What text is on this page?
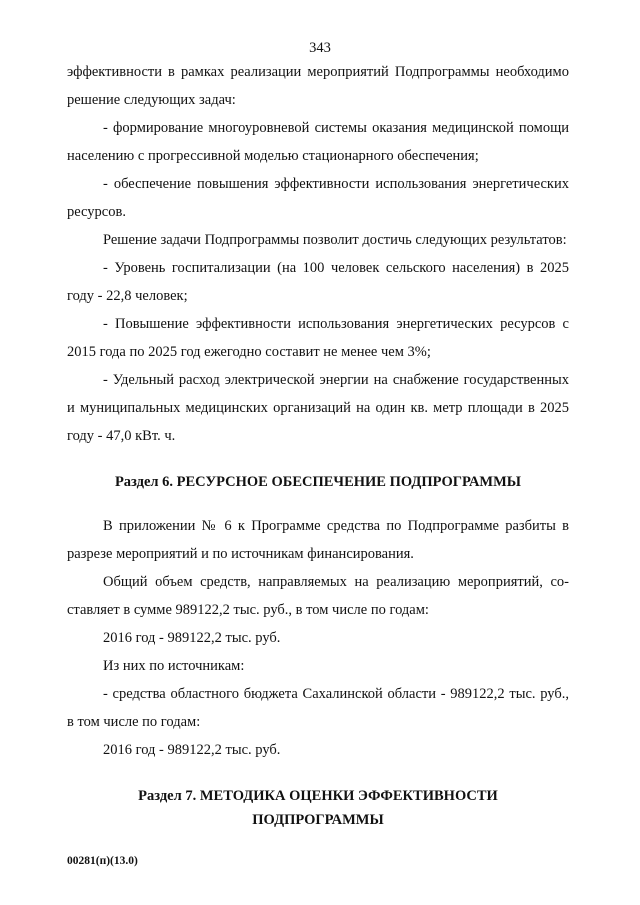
343

эффективности в рамках реализации мероприятий Подпрограммы необходимо решение следующих задач:

- формирование многоуровневой системы оказания медицинской помощи населению с прогрессивной моделью стационарного обеспечения;

- обеспечение повышения эффективности использования энергетических ресурсов.

Решение задачи Подпрограммы позволит достичь следующих результатов:

- Уровень госпитализации (на 100 человек сельского населения) в 2025 году - 22,8 человек;

- Повышение эффективности использования энергетических ресурсов с 2015 года по 2025 год ежегодно составит не менее чем 3%;

- Удельный расход электрической энергии на снабжение государственных и муниципальных медицинских организаций на один кв. метр площади в 2025 году - 47,0 кВт. ч.

Раздел 6. РЕСУРСНОЕ ОБЕСПЕЧЕНИЕ ПОДПРОГРАММЫ

В приложении № 6 к Программе средства по Подпрограмме разбиты в разрезе мероприятий и по источникам финансирования.

Общий объем средств, направляемых на реализацию мероприятий, составляет в сумме 989122,2 тыс. руб., в том числе по годам:

2016 год - 989122,2 тыс. руб.

Из них по источникам:

- средства областного бюджета Сахалинской области - 989122,2 тыс. руб., в том числе по годам:

2016 год - 989122,2 тыс. руб.

Раздел 7. МЕТОДИКА ОЦЕНКИ ЭФФЕКТИВНОСТИ
ПОДПРОГРАММЫ
00281(п)(13.0)
